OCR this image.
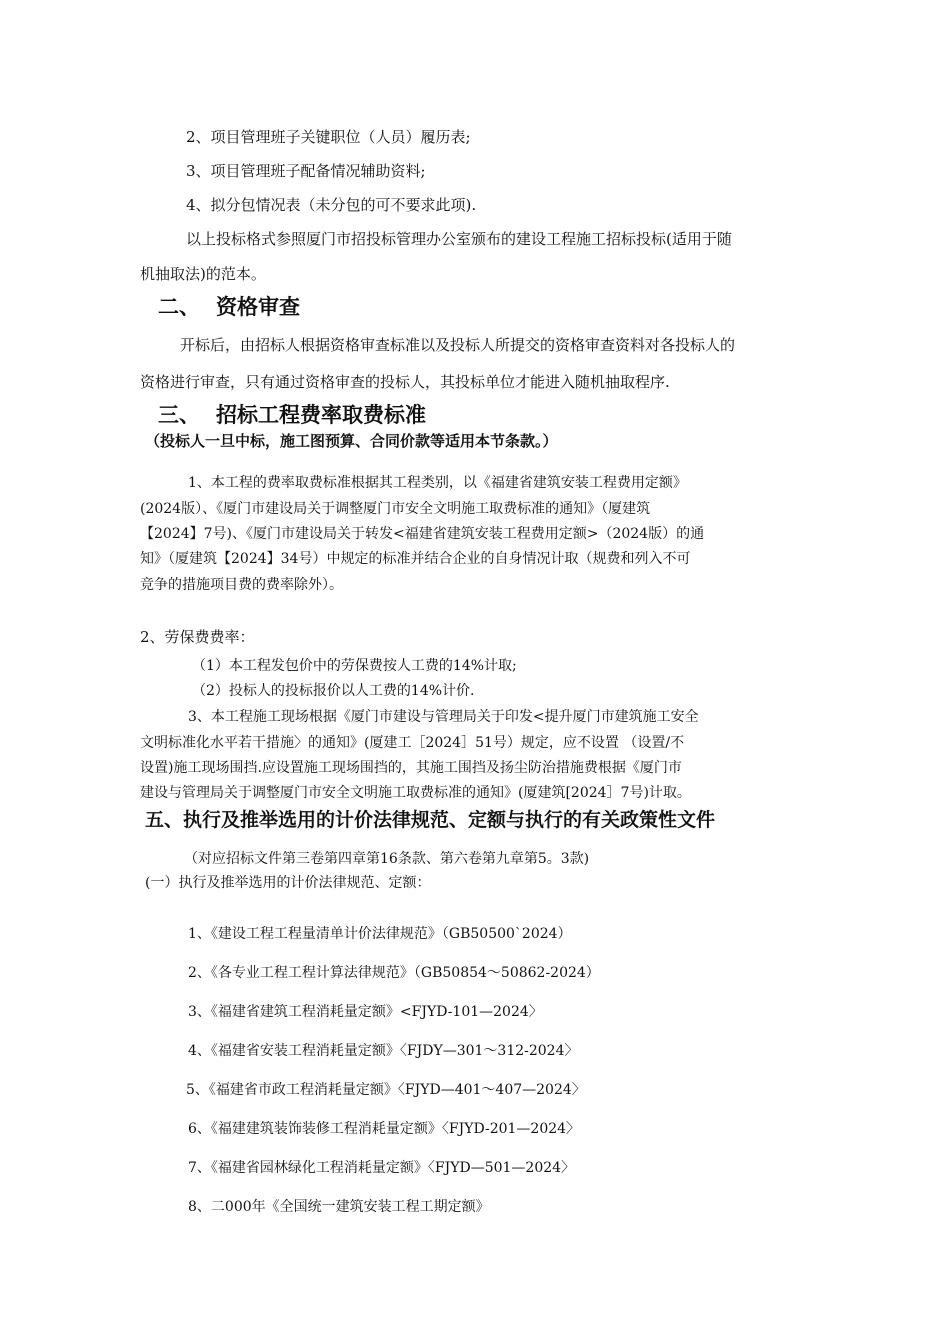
2、项目管理班子关键职位（人员）履历表;
3、项目管理班子配备情况辅助资料;
4、拟分包情况表（未分包的可不要求此项).
以上投标格式参照厦门市招投标管理办公室颁布的建设工程施工招标投标(适用于随
机抽取法)的范本。
二、 资格审查
开标后，由招标人根据资格审查标准以及投标人所提交的资格审查资料对各投标人的
资格进行审查，只有通过资格审查的投标人，其投标单位才能进入随机抽取程序.
三、 招标工程费率取费标准
（投标人一旦中标，施工图预算、合同价款等适用本节条款。）
1、本工程的费率取费标准根据其工程类别，以《福建省建筑安装工程费用定额》
(2024版）、《厦门市建设局关于调整厦门市安全文明施工取费标准的通知》（厦建筑
【2024】7号)、《厦门市建设局关于转发<福建省建筑安装工程费用定额>（2024版）的通
知》（厦建筑【2024】34号）中规定的标准并结合企业的自身情况计取（规费和列入不可
竞争的措施项目费的费率除外）。
2、劳保费费率：
（1）本工程发包价中的劳保费按人工费的14%计取;
（2）投标人的投标报价以人工费的14%计价.
3、本工程施工现场根据《厦门市建设与管理局关于印发<提升厦门市建筑施工安全
文明标准化水平若干措施〉的通知》(厦建工［2024］51号）规定，应不设置 （设置/不
设置)施工现场围挡.应设置施工现场围挡的，其施工围挡及扬尘防治措施费根据《厦门市
建设与管理局关于调整厦门市安全文明施工取费标准的通知》(厦建筑[2024］7号)计取。
五、执行及推举选用的计价法律规范、定额与执行的有关政策性文件
（对应招标文件第三卷第四章第16条款、第六卷第九章第5。3款)
(一）执行及推举选用的计价法律规范、定额：
1、《建设工程工程量清单计价法律规范》（GB50500`2024）
2、《各专业工程工程计算法律规范》（GB50854～50862-2024）
3、《福建省建筑工程消耗量定额》<FJYD-101—2024〉
4、《福建省安装工程消耗量定额》〈FJDY—301～312-2024〉
5、《福建省市政工程消耗量定额》〈FJYD—401～407—2024〉
6、《福建建筑装饰装修工程消耗量定额》〈FJYD-201—2024〉
7、《福建省园林绿化工程消耗量定额》〈FJYD—501—2024〉
8、二000年《全国统一建筑安装工程工期定额》
